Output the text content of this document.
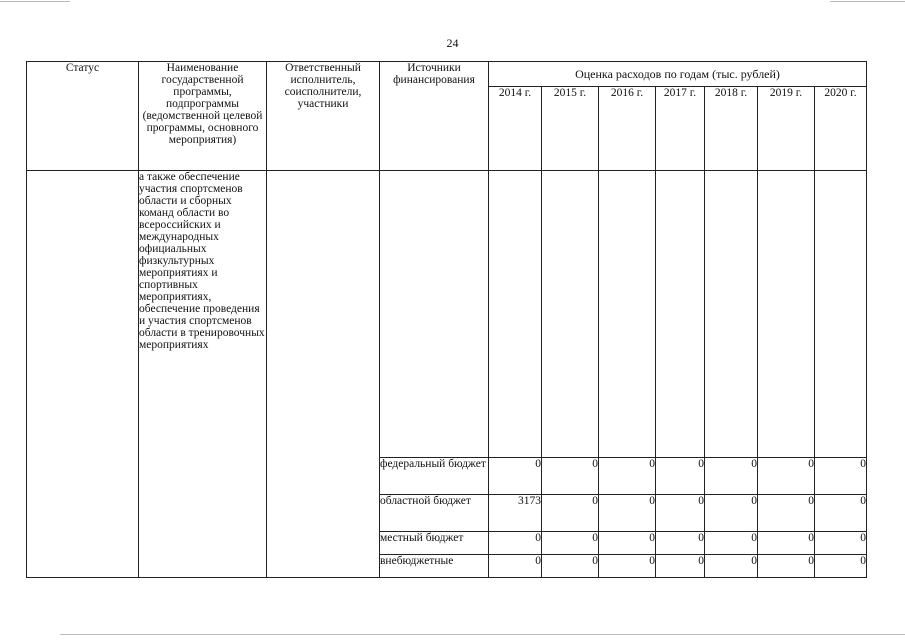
24
Статус	Наименование государственной программы, подпрограммы (ведомственной целевой программы, основного мероприятия)	Ответственный исполнитель, соисполнители, участники	Источники финансирования	Оценка расходов по годам (тыс. рублей)						
				2014 г.	2015 г.	2016 г.	2017 г.	2018 г.	2019 г.	2020 г.
	а также обеспечение участия спортсменов области и сборных команд области во всероссийских и международных официальных физкультурных мероприятиях и спортивных мероприятиях, обеспечение проведения и участия спортсменов области в тренировочных мероприятиях									
			федеральный бюджет	0	0	0	0	0	0	0
			областной бюджет	3173	0	0	0	0	0	0
			местный бюджет	0	0	0	0	0	0	0
			внебюджетные	0	0	0	0	0	0	0
